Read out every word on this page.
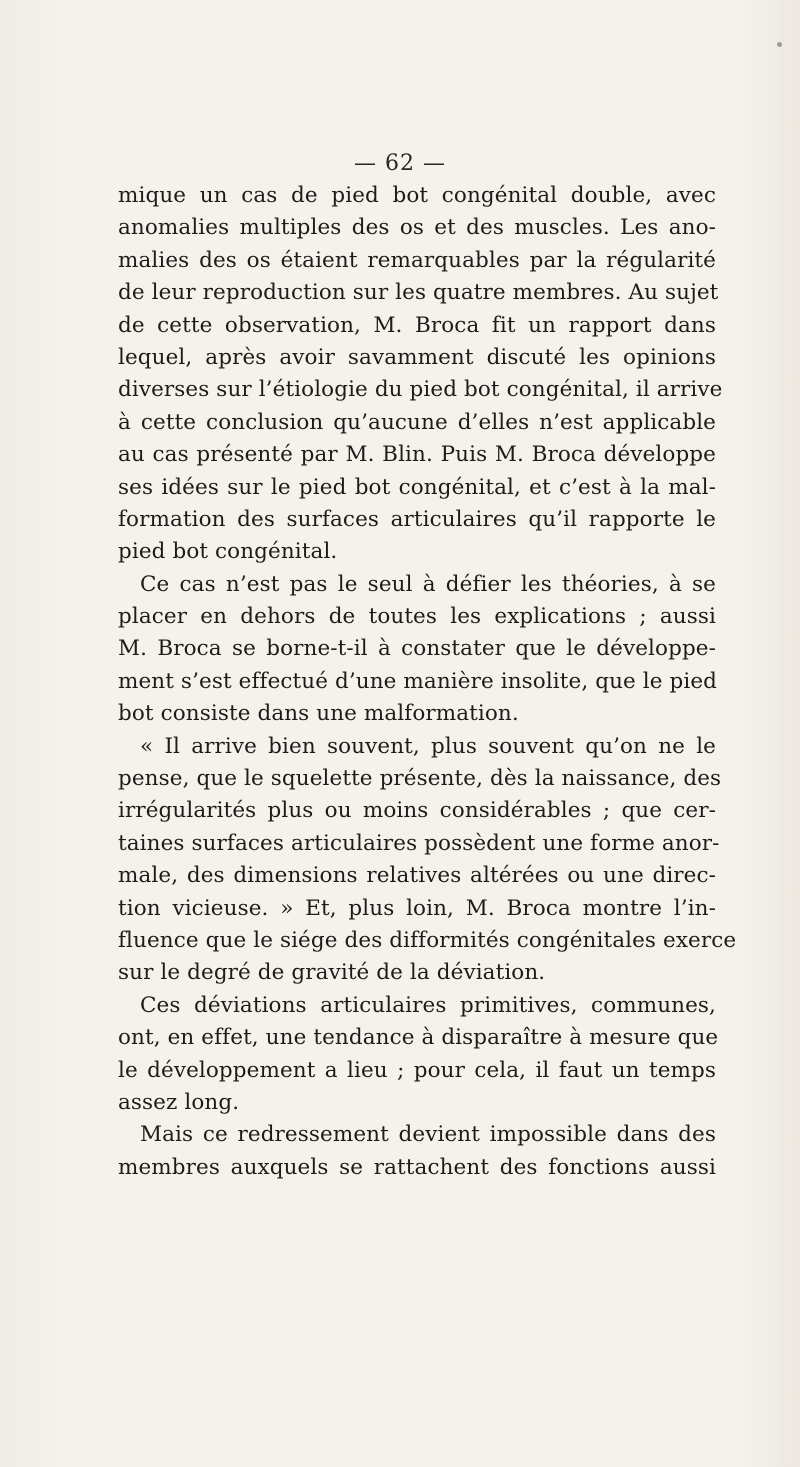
— 62 —
mique un cas de pied bot congénital double, avec
anomalies multiples des os et des muscles. Les ano-
malies des os étaient remarquables par la régularité
de leur reproduction sur les quatre membres. Au sujet
de cette observation, M. Broca fit un rapport dans
lequel, après avoir savamment discuté les opinions
diverses sur l’étiologie du pied bot congénital, il arrive
à cette conclusion qu’aucune d’elles n’est applicable
au cas présenté par M. Blin. Puis M. Broca développe
ses idées sur le pied bot congénital, et c’est à la mal-
formation des surfaces articulaires qu’il rapporte le
pied bot congénital.
Ce cas n’est pas le seul à défier les théories, à se
placer en dehors de toutes les explications ; aussi
M. Broca se borne-t-il à constater que le développe-
ment s’est effectué d’une manière insolite, que le pied
bot consiste dans une malformation.
« Il arrive bien souvent, plus souvent qu’on ne le
pense, que le squelette présente, dès la naissance, des
irrégularités plus ou moins considérables ; que cer-
taines surfaces articulaires possèdent une forme anor-
male, des dimensions relatives altérées ou une direc-
tion vicieuse. » Et, plus loin, M. Broca montre l’in-
fluence que le siége des difformités congénitales exerce
sur le degré de gravité de la déviation.
Ces déviations articulaires primitives, communes,
ont, en effet, une tendance à disparaître à mesure que
le développement a lieu ; pour cela, il faut un temps
assez long.
Mais ce redressement devient impossible dans des
membres auxquels se rattachent des fonctions aussi
